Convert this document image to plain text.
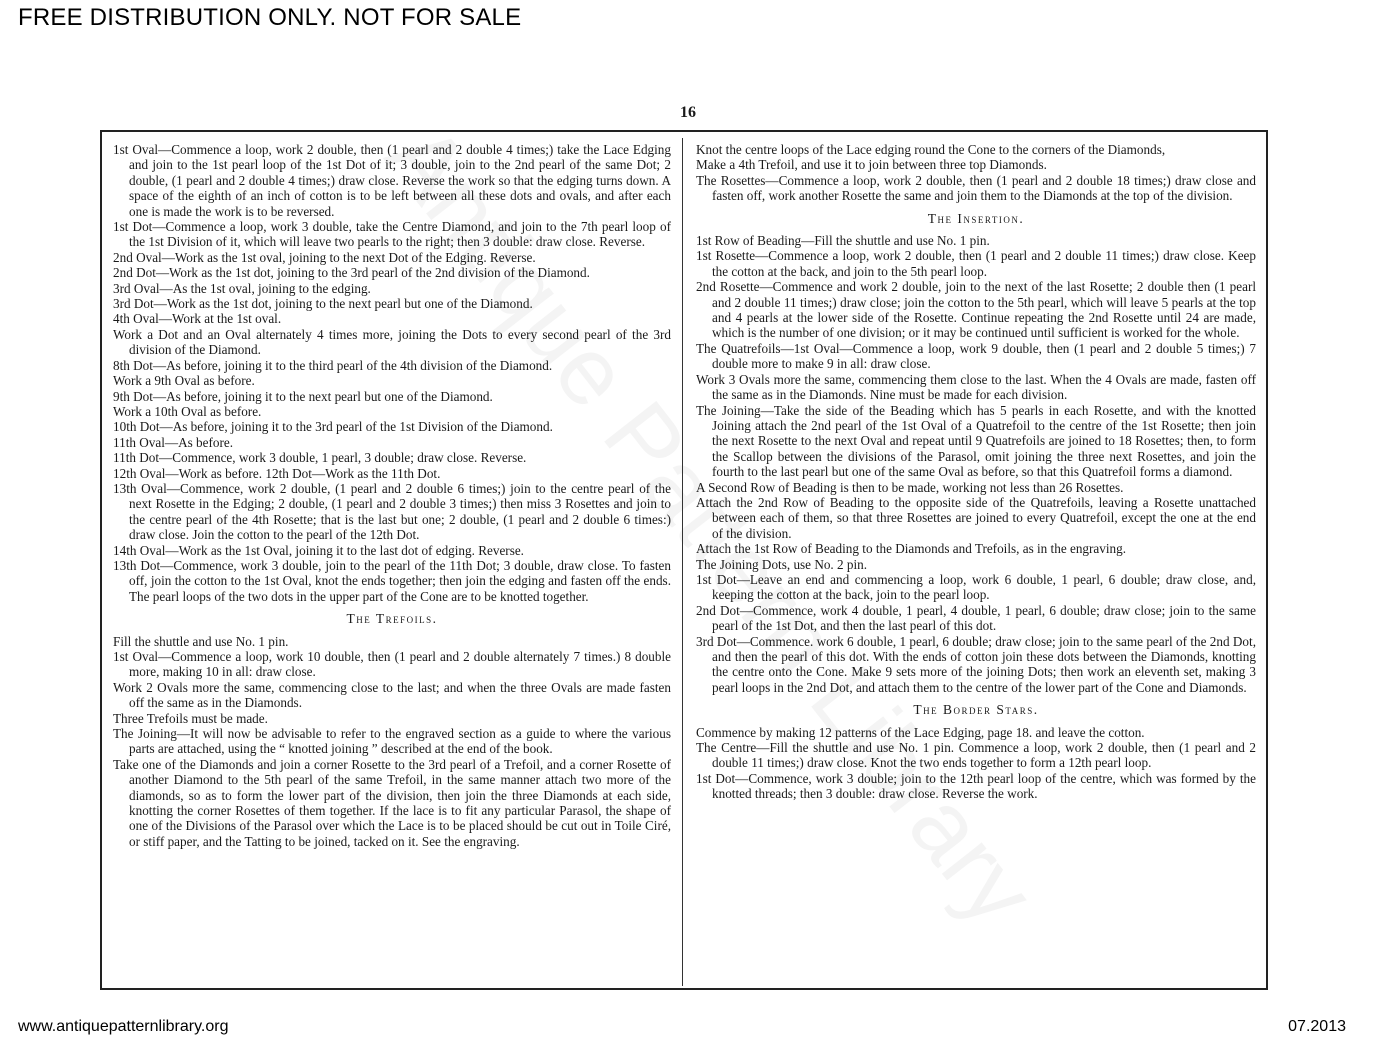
FREE DISTRIBUTION ONLY. NOT FOR SALE
16

1st Oval—Commence a loop, work 2 double, then (1 pearl and 2 double 4 times;) take the Lace Edging and join to the 1st pearl loop of the 1st Dot of it; 3 double, join to the 2nd pearl of the same Dot; 2 double, (1 pearl and 2 double 4 times;) draw close. Reverse the work so that the edging turns down. A space of the eighth of an inch of cotton is to be left between all these dots and ovals, and after each one is made the work is to be reversed.

1st Dot—Commence a loop, work 3 double, take the Centre Diamond, and join to the 7th pearl loop of the 1st Division of it, which will leave two pearls to the right; then 3 double: draw close. Reverse.

2nd Oval—Work as the 1st oval, joining to the next Dot of the Edging. Reverse.

2nd Dot—Work as the 1st dot, joining to the 3rd pearl of the 2nd division of the Diamond.

3rd Oval—As the 1st oval, joining to the edging.

3rd Dot—Work as the 1st dot, joining to the next pearl but one of the Diamond.

4th Oval—Work at the 1st oval.

Work a Dot and an Oval alternately 4 times more, joining the Dots to every second pearl of the 3rd division of the Diamond.

8th Dot—As before, joining it to the third pearl of the 4th division of the Diamond.

Work a 9th Oval as before.

9th Dot—As before, joining it to the next pearl but one of the Diamond.

Work a 10th Oval as before.

10th Dot—As before, joining it to the 3rd pearl of the 1st Division of the Diamond.

11th Oval—As before.

11th Dot—Commence, work 3 double, 1 pearl, 3 double; draw close. Reverse.

12th Oval—Work as before. 12th Dot—Work as the 11th Dot.

13th Oval—Commence, work 2 double, (1 pearl and 2 double 6 times;) join to the centre pearl of the next Rosette in the Edging; 2 double, (1 pearl and 2 double 3 times;) then miss 3 Rosettes and join to the centre pearl of the 4th Rosette; that is the last but one; 2 double, (1 pearl and 2 double 6 times:) draw close. Join the cotton to the pearl of the 12th Dot.

14th Oval—Work as the 1st Oval, joining it to the last dot of edging. Reverse.

13th Dot—Commence, work 3 double, join to the pearl of the 11th Dot; 3 double, draw close. To fasten off, join the cotton to the 1st Oval, knot the ends together; then join the edging and fasten off the ends. The pearl loops of the two dots in the upper part of the Cone are to be knotted together.

The Trefoils.

Fill the shuttle and use No. 1 pin.

1st Oval—Commence a loop, work 10 double, then (1 pearl and 2 double alternately 7 times.) 8 double more, making 10 in all: draw close.

Work 2 Ovals more the same, commencing close to the last; and when the three Ovals are made fasten off the same as in the Diamonds.

Three Trefoils must be made.

The Joining—It will now be advisable to refer to the engraved section as a guide to where the various parts are attached, using the “ knotted joining ” described at the end of the book.

Take one of the Diamonds and join a corner Rosette to the 3rd pearl of a Trefoil, and a corner Rosette of another Diamond to the 5th pearl of the same Trefoil, in the same manner attach two more of the diamonds, so as to form the lower part of the division, then join the three Diamonds at each side, knotting the corner Rosettes of them together. If the lace is to fit any particular Parasol, the shape of one of the Divisions of the Parasol over which the Lace is to be placed should be cut out in Toile Ciré, or stiff paper, and the Tatting to be joined, tacked on it. See the engraving.

Knot the centre loops of the Lace edging round the Cone to the corners of the Diamonds,

Make a 4th Trefoil, and use it to join between three top Diamonds.

The Rosettes—Commence a loop, work 2 double, then (1 pearl and 2 double 18 times;) draw close and fasten off, work another Rosette the same and join them to the Diamonds at the top of the division.

The Insertion.

1st Row of Beading—Fill the shuttle and use No. 1 pin.

1st Rosette—Commence a loop, work 2 double, then (1 pearl and 2 double 11 times;) draw close. Keep the cotton at the back, and join to the 5th pearl loop.

2nd Rosette—Commence and work 2 double, join to the next of the last Rosette; 2 double then (1 pearl and 2 double 11 times;) draw close; join the cotton to the 5th pearl, which will leave 5 pearls at the top and 4 pearls at the lower side of the Rosette. Continue repeating the 2nd Rosette until 24 are made, which is the number of one division; or it may be continued until sufficient is worked for the whole.

The Quatrefoils—1st Oval—Commence a loop, work 9 double, then (1 pearl and 2 double 5 times;) 7 double more to make 9 in all: draw close.

Work 3 Ovals more the same, commencing them close to the last. When the 4 Ovals are made, fasten off the same as in the Diamonds. Nine must be made for each division.

The Joining—Take the side of the Beading which has 5 pearls in each Rosette, and with the knotted Joining attach the 2nd pearl of the 1st Oval of a Quatrefoil to the centre of the 1st Rosette; then join the next Rosette to the next Oval and repeat until 9 Quatrefoils are joined to 18 Rosettes; then, to form the Scallop between the divisions of the Parasol, omit joining the three next Rosettes, and join the fourth to the last pearl but one of the same Oval as before, so that this Quatrefoil forms a diamond.

A Second Row of Beading is then to be made, working not less than 26 Rosettes.

Attach the 2nd Row of Beading to the opposite side of the Quatrefoils, leaving a Rosette unattached between each of them, so that three Rosettes are joined to every Quatrefoil, except the one at the end of the division.

Attach the 1st Row of Beading to the Diamonds and Trefoils, as in the engraving.

The Joining Dots, use No. 2 pin.

1st Dot—Leave an end and commencing a loop, work 6 double, 1 pearl, 6 double; draw close, and, keeping the cotton at the back, join to the pearl loop.

2nd Dot—Commence, work 4 double, 1 pearl, 4 double, 1 pearl, 6 double; draw close; join to the same pearl of the 1st Dot, and then the last pearl of this dot.

3rd Dot—Commence. work 6 double, 1 pearl, 6 double; draw close; join to the same pearl of the 2nd Dot, and then the pearl of this dot. With the ends of cotton join these dots between the Diamonds, knotting the centre onto the Cone. Make 9 sets more of the joining Dots; then work an eleventh set, making 3 pearl loops in the 2nd Dot, and attach them to the centre of the lower part of the Cone and Diamonds.

The Border Stars.

Commence by making 12 patterns of the Lace Edging, page 18. and leave the cotton.

The Centre—Fill the shuttle and use No. 1 pin. Commence a loop, work 2 double, then (1 pearl and 2 double 11 times;) draw close. Knot the two ends together to form a 12th pearl loop.

1st Dot—Commence, work 3 double; join to the 12th pearl loop of the centre, which was formed by the knotted threads; then 3 double: draw close. Reverse the work.

www.antiquepatternlibrary.org	07.2013
